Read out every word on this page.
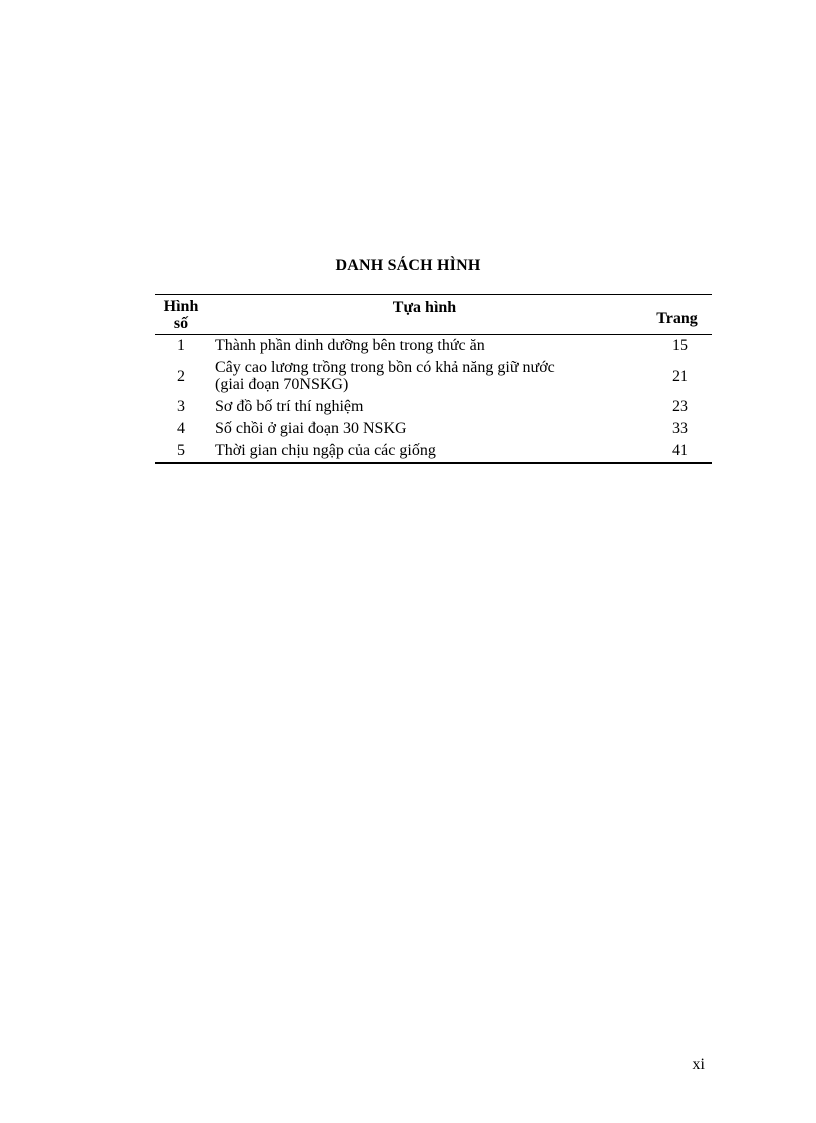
DANH SÁCH HÌNH
Hình
số	Tựa hình	Trang
1	Thành phần dinh dưỡng bên trong thức ăn	15
2	Cây cao lương trồng trong bồn có khả năng giữ nước (giai đoạn 70NSKG)	21
3	Sơ đồ bố trí thí nghiệm	23
4	Số chồi ở giai đoạn 30 NSKG	33
5	Thời gian chịu ngập của các giống	41
xi
